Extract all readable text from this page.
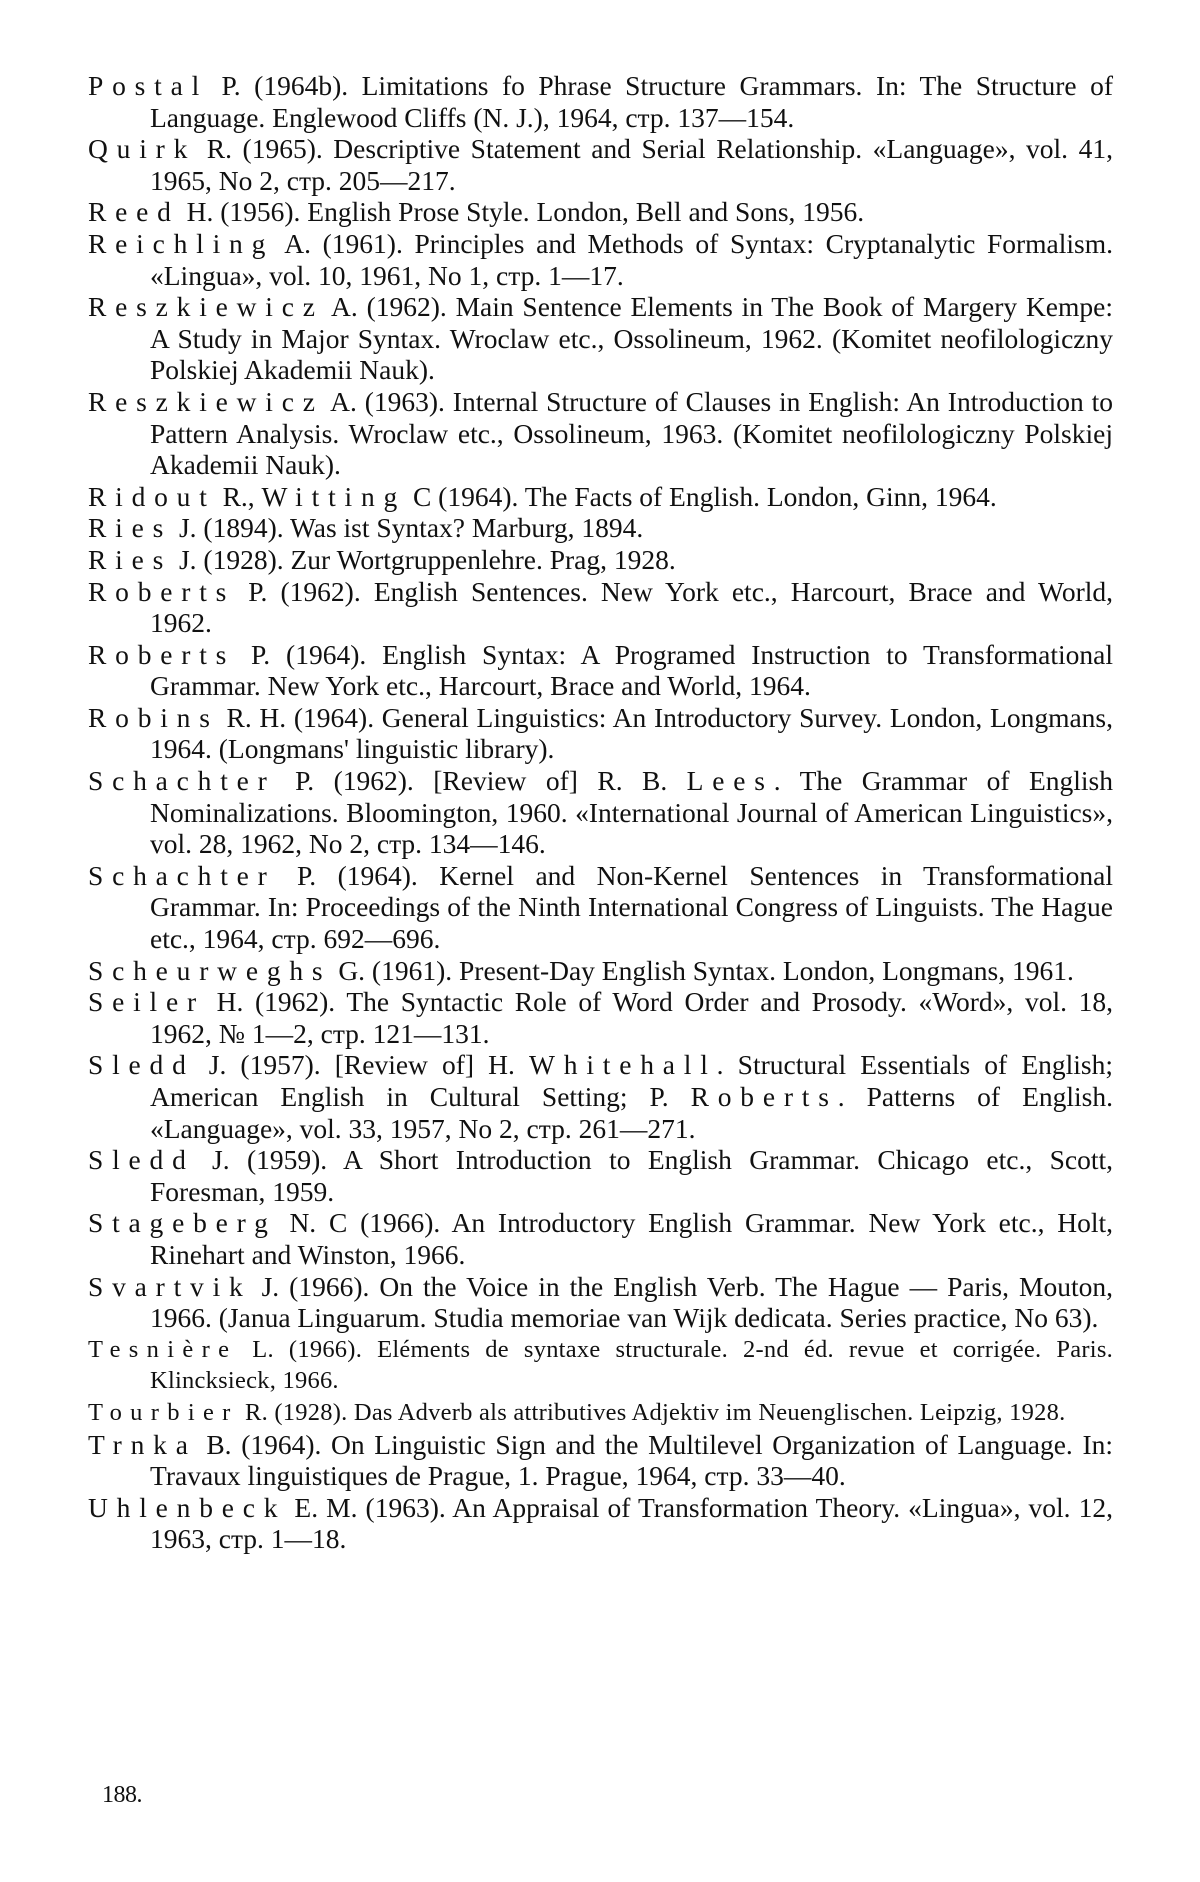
Postal P. (1964b). Limitations fo Phrase Structure Grammars. In: The Structure of Language. Englewood Cliffs (N. J.), 1964, стр. 137—154.

Quirk R. (1965). Descriptive Statement and Serial Relationship. «Language», vol. 41, 1965, No 2, стр. 205—217.

Reed H. (1956). English Prose Style. London, Bell and Sons, 1956.

Reichling A. (1961). Principles and Methods of Syntax: Cryptanalytic Formalism. «Lingua», vol. 10, 1961, No 1, стр. 1—17.

Reszkiewicz A. (1962). Main Sentence Elements in The Book of Margery Kempe: A Study in Major Syntax. Wroclaw etc., Ossolineum, 1962. (Komitet neofilologiczny Polskiej Akademii Nauk).

Reszkiewicz A. (1963). Internal Structure of Clauses in English: An Introduction to Pattern Analysis. Wroclaw etc., Ossolineum, 1963. (Komitet neofilologiczny Polskiej Akademii Nauk).

Ridout R., Witting C (1964). The Facts of English. London, Ginn, 1964.

Ries J. (1894). Was ist Syntax? Marburg, 1894.

Ries J. (1928). Zur Wortgruppenlehre. Prag, 1928.

Roberts P. (1962). English Sentences. New York etc., Harcourt, Brace and World, 1962.

Roberts P. (1964). English Syntax: A Programed Instruction to Transformational Grammar. New York etc., Harcourt, Brace and World, 1964.

Robins R. H. (1964). General Linguistics: An Introductory Survey. London, Longmans, 1964. (Longmans' linguistic library).

Schachter P. (1962). [Review of] R. B. Lees. The Grammar of English Nominalizations. Bloomington, 1960. «International Journal of American Linguistics», vol. 28, 1962, No 2, стр. 134—146.

Schachter P. (1964). Kernel and Non-Kernel Sentences in Transformational Grammar. In: Proceedings of the Ninth International Congress of Linguists. The Hague etc., 1964, стр. 692—696.

Scheurweghs G. (1961). Present-Day English Syntax. London, Longmans, 1961.

Seiler H. (1962). The Syntactic Role of Word Order and Prosody. «Word», vol. 18, 1962, № 1—2, стр. 121—131.

Sledd J. (1957). [Review of] H. Whitehall. Structural Essentials of English; American English in Cultural Setting; P. Roberts. Patterns of English. «Language», vol. 33, 1957, No 2, стр. 261—271.

Sledd J. (1959). A Short Introduction to English Grammar. Chicago etc., Scott, Foresman, 1959.

Stageberg N. C (1966). An Introductory English Grammar. New York etc., Holt, Rinehart and Winston, 1966.

Svartvik J. (1966). On the Voice in the English Verb. The Hague — Paris, Mouton, 1966. (Janua Linguarum. Studia memoriae van Wijk dedicata. Series practice, No 63).

Tesnière L. (1966). Eléments de syntaxe structurale. 2-nd éd. revue et corrigée. Paris. Klincksieck, 1966.

Tourbier R. (1928). Das Adverb als attributives Adjektiv im Neuenglischen. Leipzig, 1928.

Trnka B. (1964). On Linguistic Sign and the Multilevel Organization of Language. In: Travaux linguistiques de Prague, 1. Prague, 1964, стр. 33—40.

Uhlenbeck E. M. (1963). An Appraisal of Transformation Theory. «Lingua», vol. 12, 1963, стр. 1—18.

188.
